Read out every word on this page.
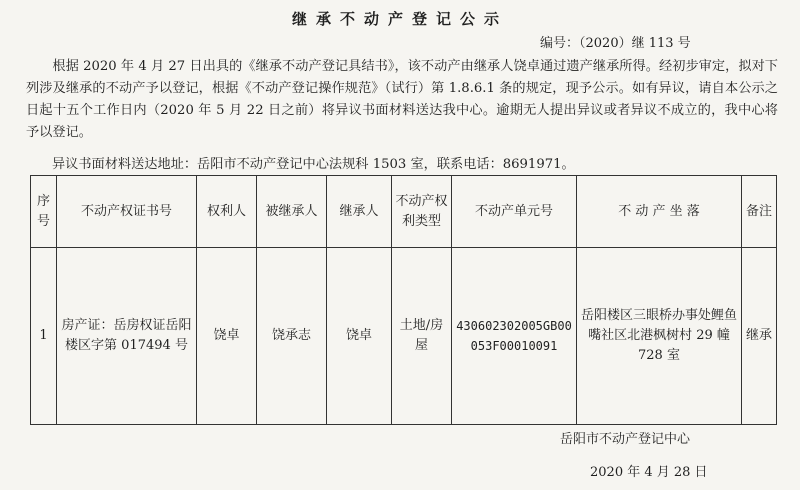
继承不动产登记公示
编号：（2020）继 113 号

根据 2020 年 4 月 27 日出具的《继承不动产登记具结书》，该不动产由继承人饶卓通过遗产继承所得。经初步审定，拟对下列涉及继承的不动产予以登记，根据《不动产登记操作规范》（试行）第 1.8.6.1 条的规定，现予公示。如有异议，请自本公示之日起十五个工作日内（2020 年 5 月 22 日之前）将异议书面材料送达我中心。逾期无人提出异议或者异议不成立的，我中心将予以登记。

异议书面材料送达地址：岳阳市不动产登记中心法规科 1503 室，联系电话：8691971。
序号	不动产权证书号	权利人	被继承人	继承人	不动产权利类型	不动产单元号	不 动 产 坐 落	备注
1	房产证：岳房权证岳阳楼区字第 017494 号	饶卓	饶承志	饶卓	土地/房屋	430602302005GB00053F00010091	岳阳楼区三眼桥办事处鲤鱼嘴社区北港枫树村 29 幢 728 室	继承
岳阳市不动产登记中心
2020 年 4 月 28 日
